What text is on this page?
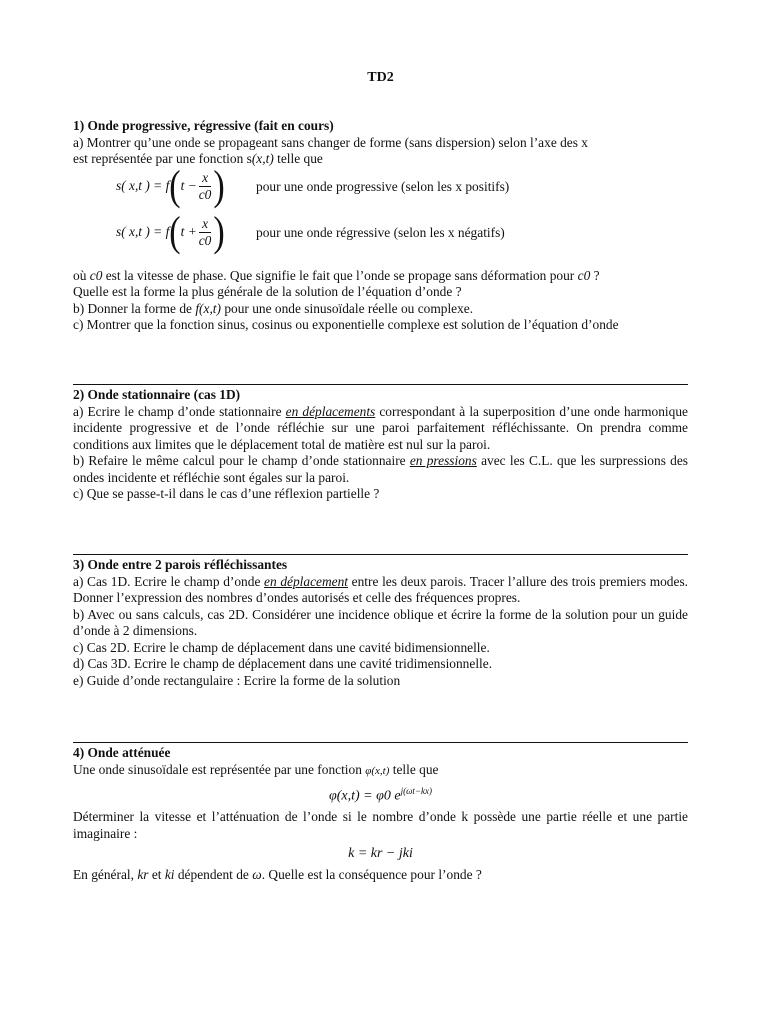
TD2

1) Onde progressive, régressive (fait en cours)

a) Montrer qu’une onde se propageant sans changer de forme (sans dispersion) selon l’axe des x

est représentée par une fonction s(x,t) telle que

s( x,t ) = $f(t - \frac{x}{c0}$ ) pour une onde progressive (selon les x positifs)
s( x,t ) = $f(t + \frac{x}{c0}$ ) pour une onde régressive (selon les x négatifs)

où c0 est la vitesse de phase. Que signifie le fait que l’onde se propage sans déformation pour c0 ?

Quelle est la forme la plus générale de la solution de l’équation d’onde ?

b) Donner la forme de f(x,t) pour une onde sinusoïdale réelle ou complexe.

c) Montrer que la fonction sinus, cosinus ou exponentielle complexe est solution de l’équation d’onde

2) Onde stationnaire (cas 1D)

a) Ecrire le champ d’onde stationnaire en déplacements correspondant à la superposition d’une onde harmonique incidente progressive et de l’onde réfléchie sur une paroi parfaitement réfléchissante. On prendra comme conditions aux limites que le déplacement total de matière est nul sur la paroi.

b) Refaire le même calcul pour le champ d’onde stationnaire en pressions avec les C.L. que les surpressions des ondes incidente et réfléchie sont égales sur la paroi.

c) Que se passe-t-il dans le cas d’une réflexion partielle ?

3) Onde entre 2 parois réfléchissantes

a) Cas 1D. Ecrire le champ d’onde en déplacement entre les deux parois. Tracer l’allure des trois premiers modes. Donner l’expression des nombres d’ondes autorisés et celle des fréquences propres.

b) Avec ou sans calculs, cas 2D. Considérer une incidence oblique et écrire la forme de la solution pour un guide d’onde à 2 dimensions.

c) Cas 2D. Ecrire le champ de déplacement dans une cavité bidimensionnelle.

d) Cas 3D. Ecrire le champ de déplacement dans une cavité tridimensionnelle.

e) Guide d’onde rectangulaire : Ecrire la forme de la solution

4) Onde atténuée

Une onde sinusoïdale est représentée par une fonction φ(x,t) telle que

φ(x,t) = φ0 $e^{j(\omega t-kx)}$

Déterminer la vitesse et l’atténuation de l’onde si le nombre d’onde k possède une partie réelle et une partie imaginaire :

k = kr − jki

En général, kr et ki dépendent de ω. Quelle est la conséquence pour l’onde ?
